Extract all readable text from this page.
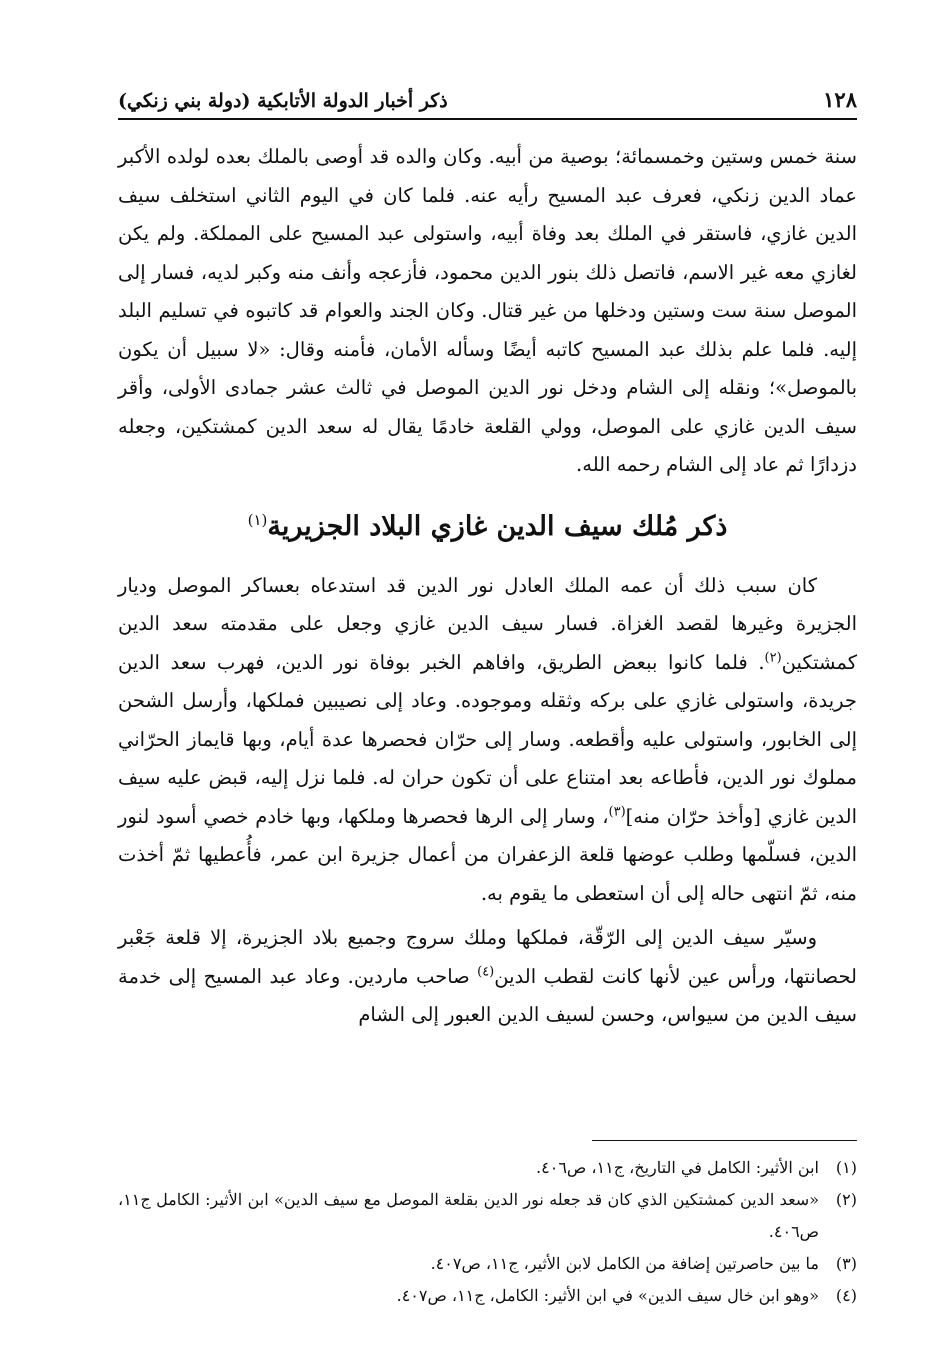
١٢٨
ذكر أخبار الدولة الأتابكية (دولة بني زنكي)

سنة خمس وستين وخمسمائة؛ بوصية من أبيه. وكان والده قد أوصى بالملك بعده لولده الأكبر عماد الدين زنكي، فعرف عبد المسيح رأيه عنه. فلما كان في اليوم الثاني استخلف سيف الدين غازي، فاستقر في الملك بعد وفاة أبيه، واستولى عبد المسيح على المملكة. ولم يكن لغازي معه غير الاسم، فاتصل ذلك بنور الدين محمود، فأزعجه وأنف منه وكبر لديه، فسار إلى الموصل سنة ست وستين ودخلها من غير قتال. وكان الجند والعوام قد كاتبوه في تسليم البلد إليه. فلما علم بذلك عبد المسيح كاتبه أيضًا وسأله الأمان، فأمنه وقال: «لا سبيل أن يكون بالموصل»؛ ونقله إلى الشام ودخل نور الدين الموصل في ثالث عشر جمادى الأولى، وأقر سيف الدين غازي على الموصل، وولي القلعة خادمًا يقال له سعد الدين كمشتكين، وجعله دزدارًا ثم عاد إلى الشام رحمه الله.

ذكر مُلك سيف الدين غازي البلاد الجزيرية$^{(١)}$

كان سبب ذلك أن عمه الملك العادل نور الدين قد استدعاه بعساكر الموصل وديار الجزيرة وغيرها لقصد الغزاة. فسار سيف الدين غازي وجعل على مقدمته سعد الدين كمشتكين$^{(٢)}$. فلما كانوا ببعض الطريق، وافاهم الخبر بوفاة نور الدين، فهرب سعد الدين جريدة، واستولى غازي على بركه وثقله وموجوده. وعاد إلى نصيبين فملكها، وأرسل الشحن إلى الخابور، واستولى عليه وأقطعه. وسار إلى حرّان فحصرها عدة أيام، وبها قايماز الحرّاني مملوك نور الدين، فأطاعه بعد امتناع على أن تكون حران له. فلما نزل إليه، قبض عليه سيف الدين غازي [وأخذ حرّان منه]$^{(٣)}$، وسار إلى الرها فحصرها وملكها، وبها خادم خصي أسود لنور الدين، فسلّمها وطلب عوضها قلعة الزعفران من أعمال جزيرة ابن عمر، فأُعطيها ثمّ أخذت منه، ثمّ انتهى حاله إلى أن استعطى ما يقوم به.

وسيّر سيف الدين إلى الرّقّة، فملكها وملك سروج وجميع بلاد الجزيرة، إلا قلعة جَعْبر لحصانتها، ورأس عين لأنها كانت لقطب الدين$^{(٤)}$ صاحب ماردين. وعاد عبد المسيح إلى خدمة سيف الدين من سيواس، وحسن لسيف الدين العبور إلى الشام

(١)
ابن الأثير: الكامل في التاريخ، ج١١، ص٤٠٦.
(٢)
«سعد الدين كمشتكين الذي كان قد جعله نور الدين بقلعة الموصل مع سيف الدين» ابن الأثير: الكامل ج١١، ص٤٠٦.
(٣)
ما بين حاصرتين إضافة من الكامل لابن الأثير، ج١١، ص٤٠٧.
(٤)
«وهو ابن خال سيف الدين» في ابن الأثير: الكامل، ج١١، ص٤٠٧.
